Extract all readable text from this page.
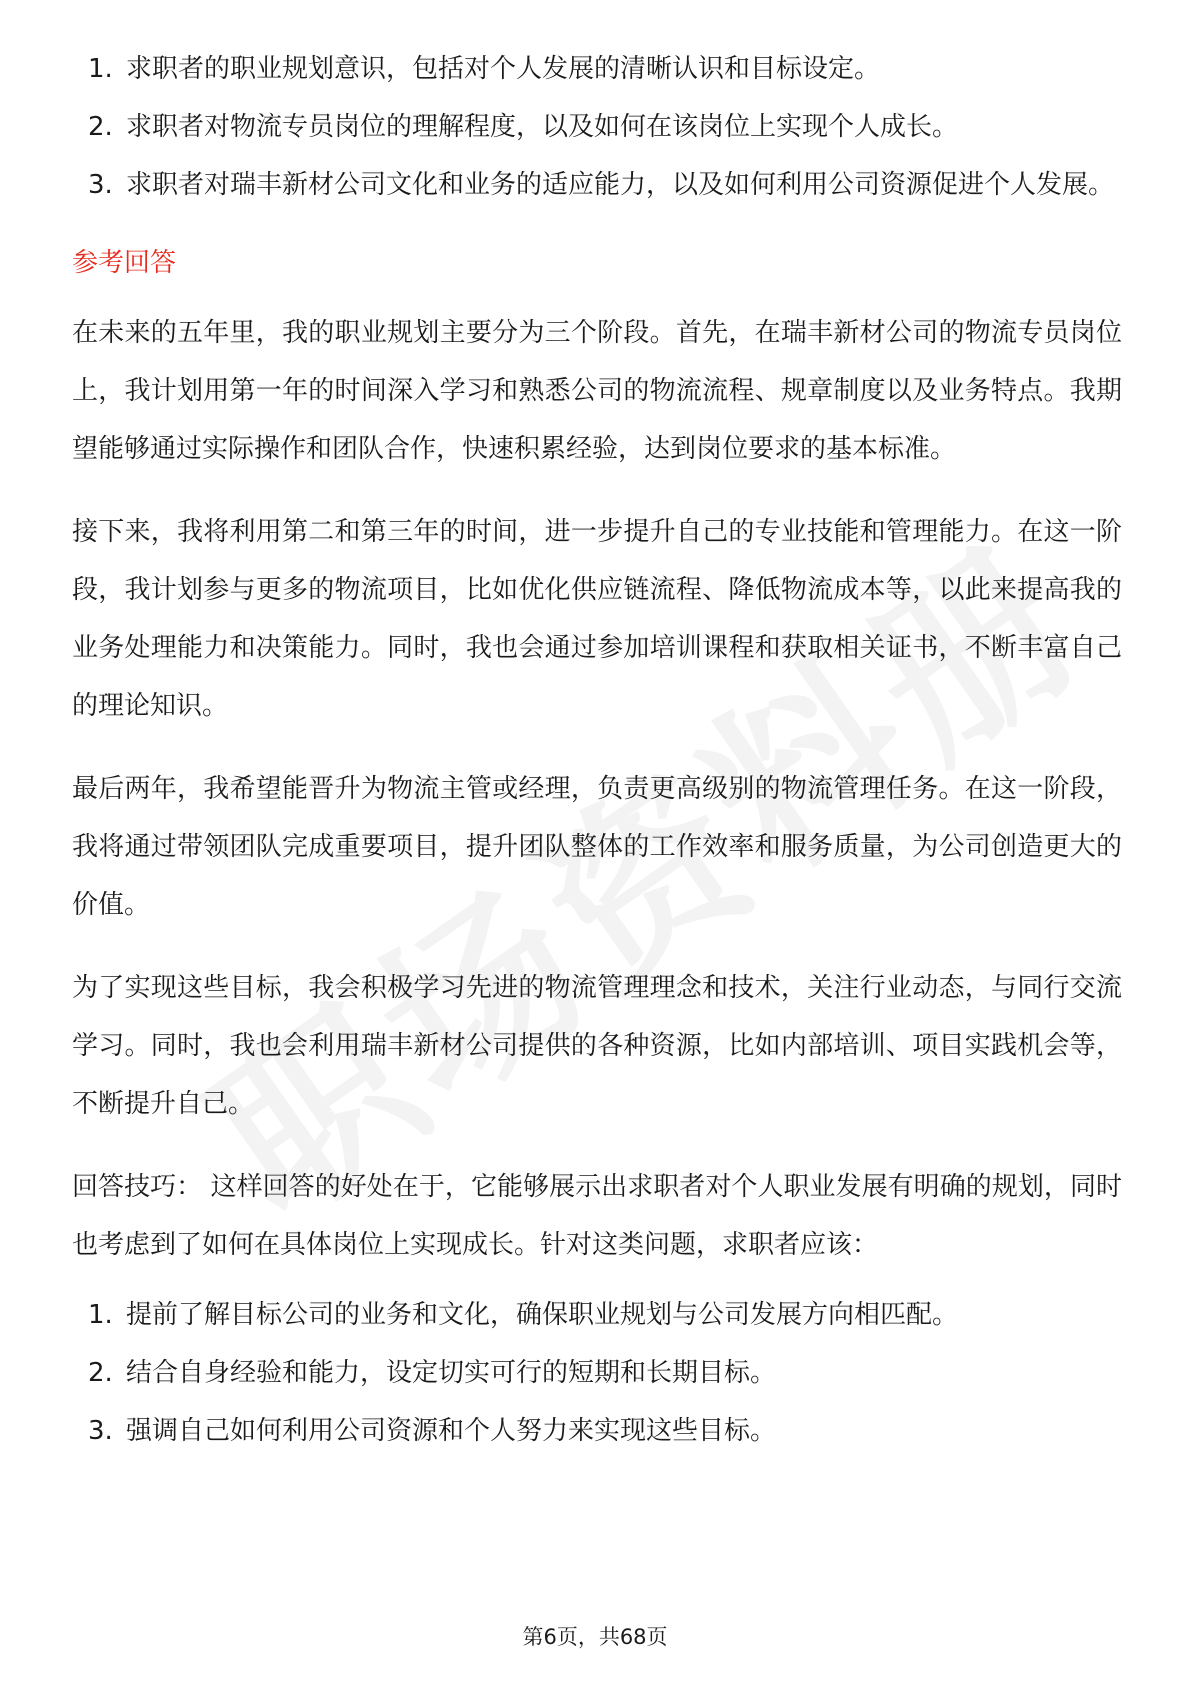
1. 求职者的职业规划意识，包括对个人发展的清晰认识和目标设定。
2. 求职者对物流专员岗位的理解程度，以及如何在该岗位上实现个人成长。
3. 求职者对瑞丰新材公司文化和业务的适应能力，以及如何利用公司资源促进个人发展。
参考回答

在未来的五年里，我的职业规划主要分为三个阶段。首先，在瑞丰新材公司的物流专员岗位上，我计划用第一年的时间深入学习和熟悉公司的物流流程、规章制度以及业务特点。我期望能够通过实际操作和团队合作，快速积累经验，达到岗位要求的基本标准。

接下来，我将利用第二和第三年的时间，进一步提升自己的专业技能和管理能力。在这一阶段，我计划参与更多的物流项目，比如优化供应链流程、降低物流成本等，以此来提高我的业务处理能力和决策能力。同时，我也会通过参加培训课程和获取相关证书，不断丰富自己的理论知识。

最后两年，我希望能晋升为物流主管或经理，负责更高级别的物流管理任务。在这一阶段，我将通过带领团队完成重要项目，提升团队整体的工作效率和服务质量，为公司创造更大的价值。

为了实现这些目标，我会积极学习先进的物流管理理念和技术，关注行业动态，与同行交流学习。同时，我也会利用瑞丰新材公司提供的各种资源，比如内部培训、项目实践机会等，不断提升自己。

回答技巧： 这样回答的好处在于，它能够展示出求职者对个人职业发展有明确的规划，同时也考虑到了如何在具体岗位上实现成长。针对这类问题，求职者应该：

1. 提前了解目标公司的业务和文化，确保职业规划与公司发展方向相匹配。
2. 结合自身经验和能力，设定切实可行的短期和长期目标。
3. 强调自己如何利用公司资源和个人努力来实现这些目标。
第6页，共68页
